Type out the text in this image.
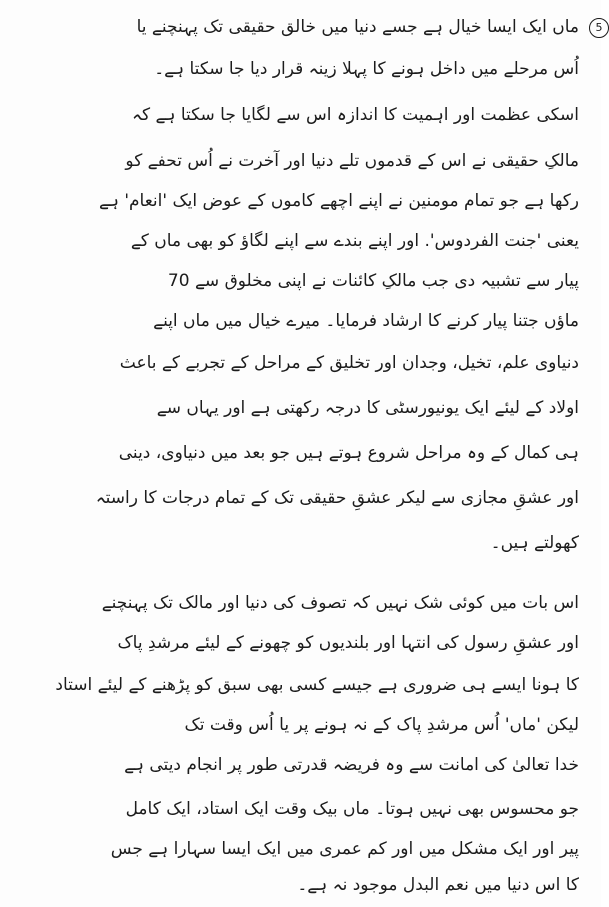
5
ماں ایک ایسا خیال ہے جسے دنیا میں خالق حقیقی تک پہنچنے یا
اُس مرحلے میں داخل ہونے کا پہلا زینہ قرار دیا جا سکتا ہے۔
اسکی عظمت اور اہمیت کا اندازہ اس سے لگایا جا سکتا ہے کہ
مالکِ حقیقی نے اس کے قدموں تلے دنیا اور آخرت نے اُس تحفے کو
رکھا ہے جو تمام مومنین نے اپنے اچھے کاموں کے عوض ایک 'انعام' ہے
یعنی 'جنت الفردوس'. اور اپنے بندے سے اپنے لگاؤ کو بھی ماں کے
پیار سے تشبیہ دی جب مالکِ کائنات نے اپنی مخلوق سے 70
ماؤں جتنا پیار کرنے کا ارشاد فرمایا۔ میرے خیال میں ماں اپنے
دنیاوی علم، تخیل، وجدان اور تخلیق کے مراحل کے تجربے کے باعث
اولاد کے لیئے ایک یونیورسٹی کا درجہ رکھتی ہے اور یہاں سے
ہی کمال کے وہ مراحل شروع ہوتے ہیں جو بعد میں دنیاوی، دینی
اور عشقِ مجازی سے لیکر عشقِ حقیقی تک کے تمام درجات کا راستہ
کھولتے ہیں۔
اس بات میں کوئی شک نہیں کہ تصوف کی دنیا اور مالک تک پہنچنے
اور عشقِ رسول کی انتہا اور بلندیوں کو چھونے کے لیئے مرشدِ پاک
کا ہونا ایسے ہی ضروری ہے جیسے کسی بھی سبق کو پڑھنے کے لیئے استاد
لیکن 'ماں' اُس مرشدِ پاک کے نہ ہونے پر یا اُس وقت تک
خدا تعالیٰ کی امانت سے وہ فریضہ قدرتی طور پر انجام دیتی ہے
جو محسوس بھی نہیں ہوتا۔ ماں بیک وقت ایک استاد، ایک کامل
پیر اور ایک مشکل میں اور کم عمری میں ایک ایسا سہارا ہے جس
کا اس دنیا میں نعم البدل موجود نہ ہے۔
